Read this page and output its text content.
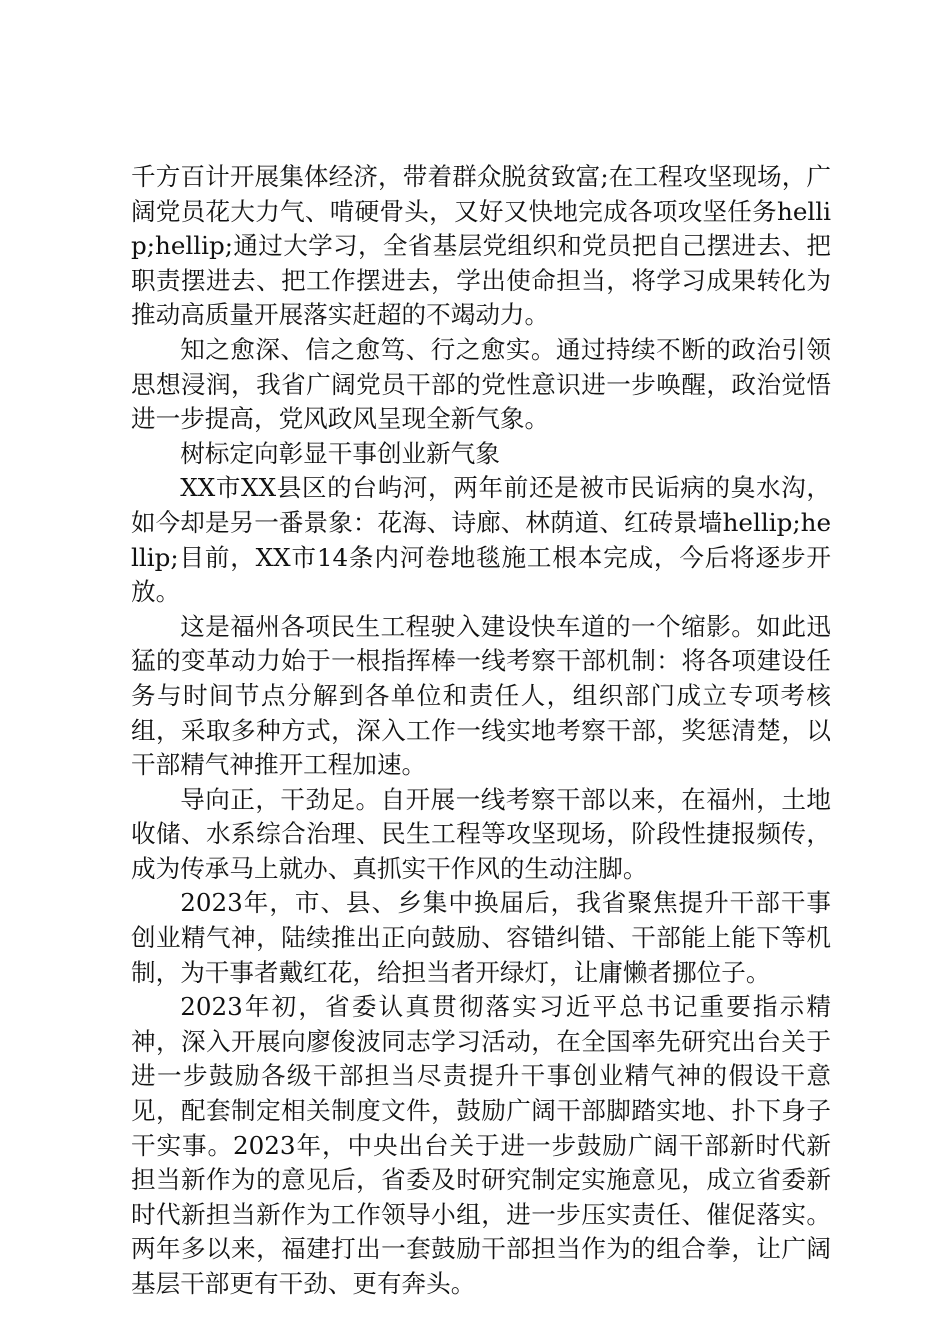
千方百计开展集体经济，带着群众脱贫致富;在工程攻坚现场，广阔党员花大力气、啃硬骨头，又好又快地完成各项攻坚任务hellip;hellip;通过大学习，全省基层党组织和党员把自己摆进去、把职责摆进去、把工作摆进去，学出使命担当，将学习成果转化为推动高质量开展落实赶超的不竭动力。

知之愈深、信之愈笃、行之愈实。通过持续不断的政治引领思想浸润，我省广阔党员干部的党性意识进一步唤醒，政治觉悟进一步提高，党风政风呈现全新气象。

树标定向彰显干事创业新气象

XX市XX县区的台屿河，两年前还是被市民诟病的臭水沟，如今却是另一番景象：花海、诗廊、林荫道、红砖景墙hellip;hellip;目前，XX市14条内河卷地毯施工根本完成，今后将逐步开放。

这是福州各项民生工程驶入建设快车道的一个缩影。如此迅猛的变革动力始于一根指挥棒一线考察干部机制：将各项建设任务与时间节点分解到各单位和责任人，组织部门成立专项考核组，采取多种方式，深入工作一线实地考察干部，奖惩清楚，以干部精气神推开工程加速。

导向正，干劲足。自开展一线考察干部以来，在福州，土地收储、水系综合治理、民生工程等攻坚现场，阶段性捷报频传，成为传承马上就办、真抓实干作风的生动注脚。

2023年，市、县、乡集中换届后，我省聚焦提升干部干事创业精气神，陆续推出正向鼓励、容错纠错、干部能上能下等机制，为干事者戴红花，给担当者开绿灯，让庸懒者挪位子。

2023年初，省委认真贯彻落实习近平总书记重要指示精神，深入开展向廖俊波同志学习活动，在全国率先研究出台关于进一步鼓励各级干部担当尽责提升干事创业精气神的假设干意见，配套制定相关制度文件，鼓励广阔干部脚踏实地、扑下身子干实事。2023年，中央出台关于进一步鼓励广阔干部新时代新担当新作为的意见后，省委及时研究制定实施意见，成立省委新时代新担当新作为工作领导小组，进一步压实责任、催促落实。两年多以来，福建打出一套鼓励干部担当作为的组合拳，让广阔基层干部更有干劲、更有奔头。
